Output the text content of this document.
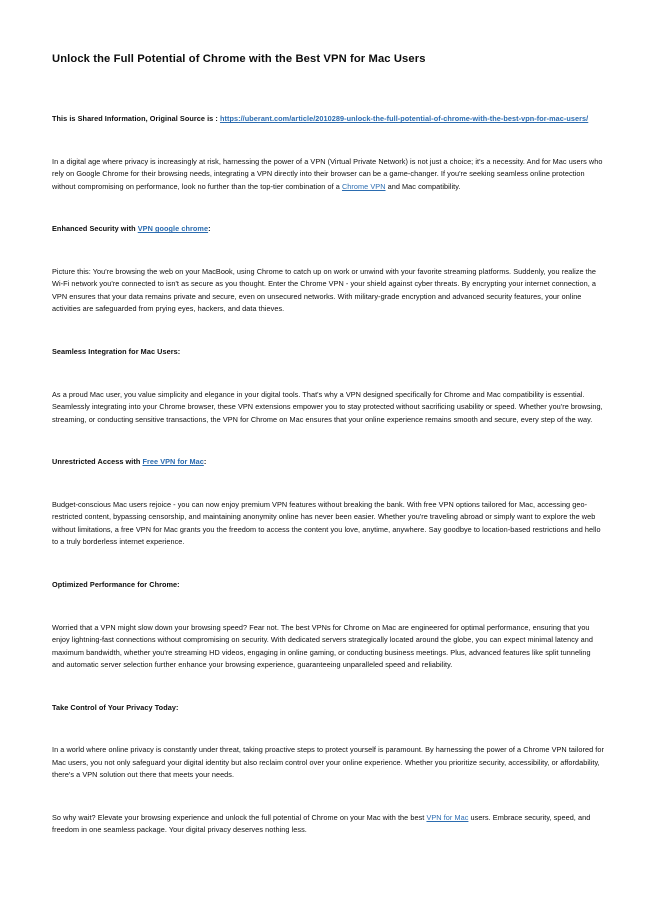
Unlock the Full Potential of Chrome with the Best VPN for Mac Users

This is Shared Information, Original Source is : https://uberant.com/article/2010289-unlock-the-full-potential-of-chrome-with-the-best-vpn-for-mac-users/

In a digital age where privacy is increasingly at risk, harnessing the power of a VPN (Virtual Private Network) is not just a choice; it's a necessity. And for Mac users who rely on Google Chrome for their browsing needs, integrating a VPN directly into their browser can be a game-changer. If you're seeking seamless online protection without compromising on performance, look no further than the top-tier combination of a Chrome VPN and Mac compatibility.

Enhanced Security with VPN google chrome:

Picture this: You're browsing the web on your MacBook, using Chrome to catch up on work or unwind with your favorite streaming platforms. Suddenly, you realize the Wi-Fi network you're connected to isn't as secure as you thought. Enter the Chrome VPN - your shield against cyber threats. By encrypting your internet connection, a VPN ensures that your data remains private and secure, even on unsecured networks. With military-grade encryption and advanced security features, your online activities are safeguarded from prying eyes, hackers, and data thieves.

Seamless Integration for Mac Users:

As a proud Mac user, you value simplicity and elegance in your digital tools. That's why a VPN designed specifically for Chrome and Mac compatibility is essential. Seamlessly integrating into your Chrome browser, these VPN extensions empower you to stay protected without sacrificing usability or speed. Whether you're browsing, streaming, or conducting sensitive transactions, the VPN for Chrome on Mac ensures that your online experience remains smooth and secure, every step of the way.

Unrestricted Access with Free VPN for Mac:

Budget-conscious Mac users rejoice - you can now enjoy premium VPN features without breaking the bank. With free VPN options tailored for Mac, accessing geo-restricted content, bypassing censorship, and maintaining anonymity online has never been easier. Whether you're traveling abroad or simply want to explore the web without limitations, a free VPN for Mac grants you the freedom to access the content you love, anytime, anywhere. Say goodbye to location-based restrictions and hello to a truly borderless internet experience.

Optimized Performance for Chrome:

Worried that a VPN might slow down your browsing speed? Fear not. The best VPNs for Chrome on Mac are engineered for optimal performance, ensuring that you enjoy lightning-fast connections without compromising on security. With dedicated servers strategically located around the globe, you can expect minimal latency and maximum bandwidth, whether you're streaming HD videos, engaging in online gaming, or conducting business meetings. Plus, advanced features like split tunneling and automatic server selection further enhance your browsing experience, guaranteeing unparalleled speed and reliability.

Take Control of Your Privacy Today:

In a world where online privacy is constantly under threat, taking proactive steps to protect yourself is paramount. By harnessing the power of a Chrome VPN tailored for Mac users, you not only safeguard your digital identity but also reclaim control over your online experience. Whether you prioritize security, accessibility, or affordability, there's a VPN solution out there that meets your needs.

So why wait? Elevate your browsing experience and unlock the full potential of Chrome on your Mac with the best VPN for Mac users. Embrace security, speed, and freedom in one seamless package. Your digital privacy deserves nothing less.
